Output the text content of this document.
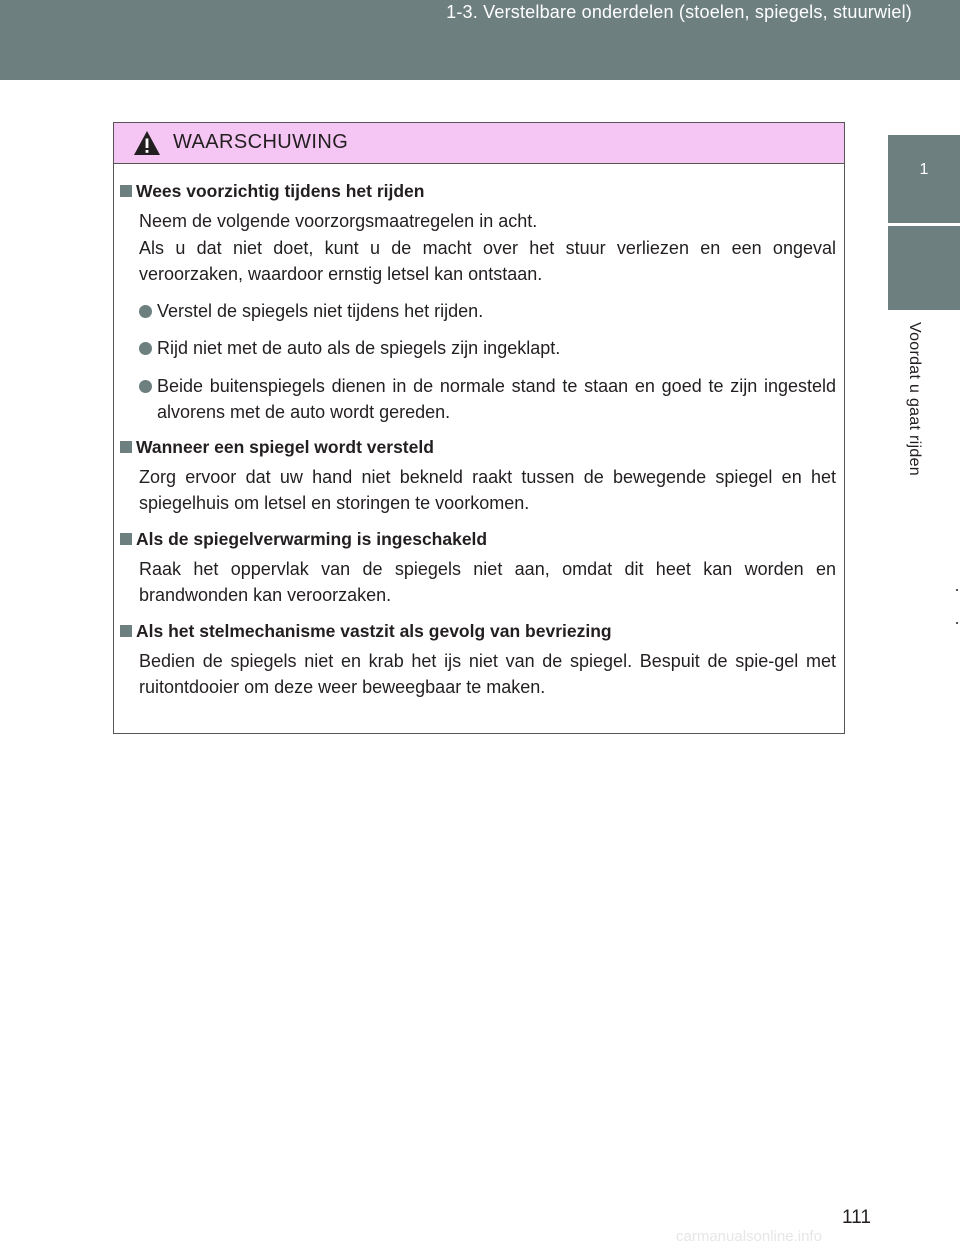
1-3. Verstelbare onderdelen (stoelen, spiegels, stuurwiel)
1
Voordat u gaat rijden
WAARSCHUWING
Wees voorzichtig tijdens het rijden
Neem de volgende voorzorgsmaatregelen in acht.
Als u dat niet doet, kunt u de macht over het stuur verliezen en een ongeval veroorzaken, waardoor ernstig letsel kan ontstaan.
Verstel de spiegels niet tijdens het rijden.
Rijd niet met de auto als de spiegels zijn ingeklapt.
Beide buitenspiegels dienen in de normale stand te staan en goed te zijn ingesteld alvorens met de auto wordt gereden.
Wanneer een spiegel wordt versteld
Zorg ervoor dat uw hand niet bekneld raakt tussen de bewegende spiegel en het spiegelhuis om letsel en storingen te voorkomen.
Als de spiegelverwarming is ingeschakeld
Raak het oppervlak van de spiegels niet aan, omdat dit heet kan worden en brandwonden kan veroorzaken.
Als het stelmechanisme vastzit als gevolg van bevriezing
Bedien de spiegels niet en krab het ijs niet van de spiegel. Bespuit de spie-gel met ruitontdooier om deze weer beweegbaar te maken.
111
carmanualsonline.info
